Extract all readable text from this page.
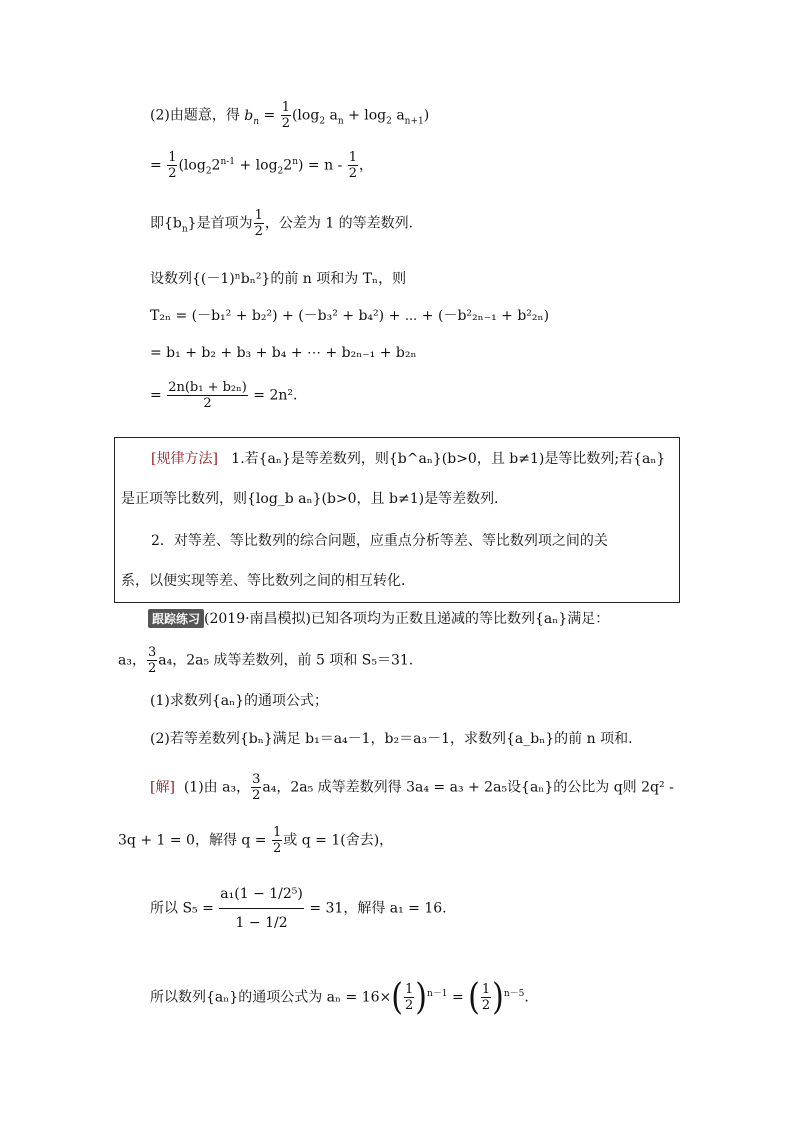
(2)由题意，得 $b_n = \frac{1}{2} (\log_2$ $a_n + \log_2 a_{n+1}$)
= $\frac{1}{2} (\log_22^{n-1} + \log_22^n) = n - \frac{1}{2}$ ，
即$\{b_n\}$是首项为 $\frac{1}{2}$ ，公差为 1 的等差数列．
设数列{(－1)ⁿbₙ²}的前 n 项和为 Tₙ，则
T₂ₙ = (－b₁² + b₂²) + (－b₃² + b₄²) + ⋯ + (－b²₂ₙ₋₁ + b²₂ₙ)
= b₁ + b₂ + b₃ + b₄ + ⋯ + b₂ₙ₋₁ + b₂ₙ
= $\frac{\text{2n(b₁ + b₂ₙ)}}{2} = 2n^2$.
[规律方法] 1.若{aₙ}是等差数列，则{b^aₙ}(b>0，且 b≠1)是等比数列;若{aₙ}
是正项等比数列，则{log_b aₙ}(b>0，且 b≠1)是等差数列．
2．对等差、等比数列的综合问题，应重点分析等差、等比数列项之间的关
系，以便实现等差、等比数列之间的相互转化．
跟踪练习 (2019·南昌模拟)已知各项均为正数且递减的等比数列{aₙ}满足：
a₃， $\frac{3}{2} a_4$，2a₅ 成等差数列，前 5 项和 S₅＝31.
(1)求数列{aₙ}的通项公式；
(2)若等差数列{bₙ}满足 b₁＝a₄－1，b₂＝a₃－1，求数列{a_bₙ}的前 n 项和.
[解] (1)由 a₃， $\frac{3}{2} a_4$，2a₅ 成等差数列得 3a₄ = a₃ + 2a₅设{aₙ}的公比为 q则 2q² -
3q + 1 = 0，解得 $q = \frac{1}{2}$ 或 q = 1(舍去)，
所以 $S_5 = \frac{\text{a₁(1 − 1/2⁵)}}{1 - 1/2} = 31$，解得 a₁ = 16.
所以数列{aₙ}的通项公式为 $a_n = 16\times( \frac{1}{2} )^{n-1}$ = ( $\frac{1}{2} )^{n-5}$.
